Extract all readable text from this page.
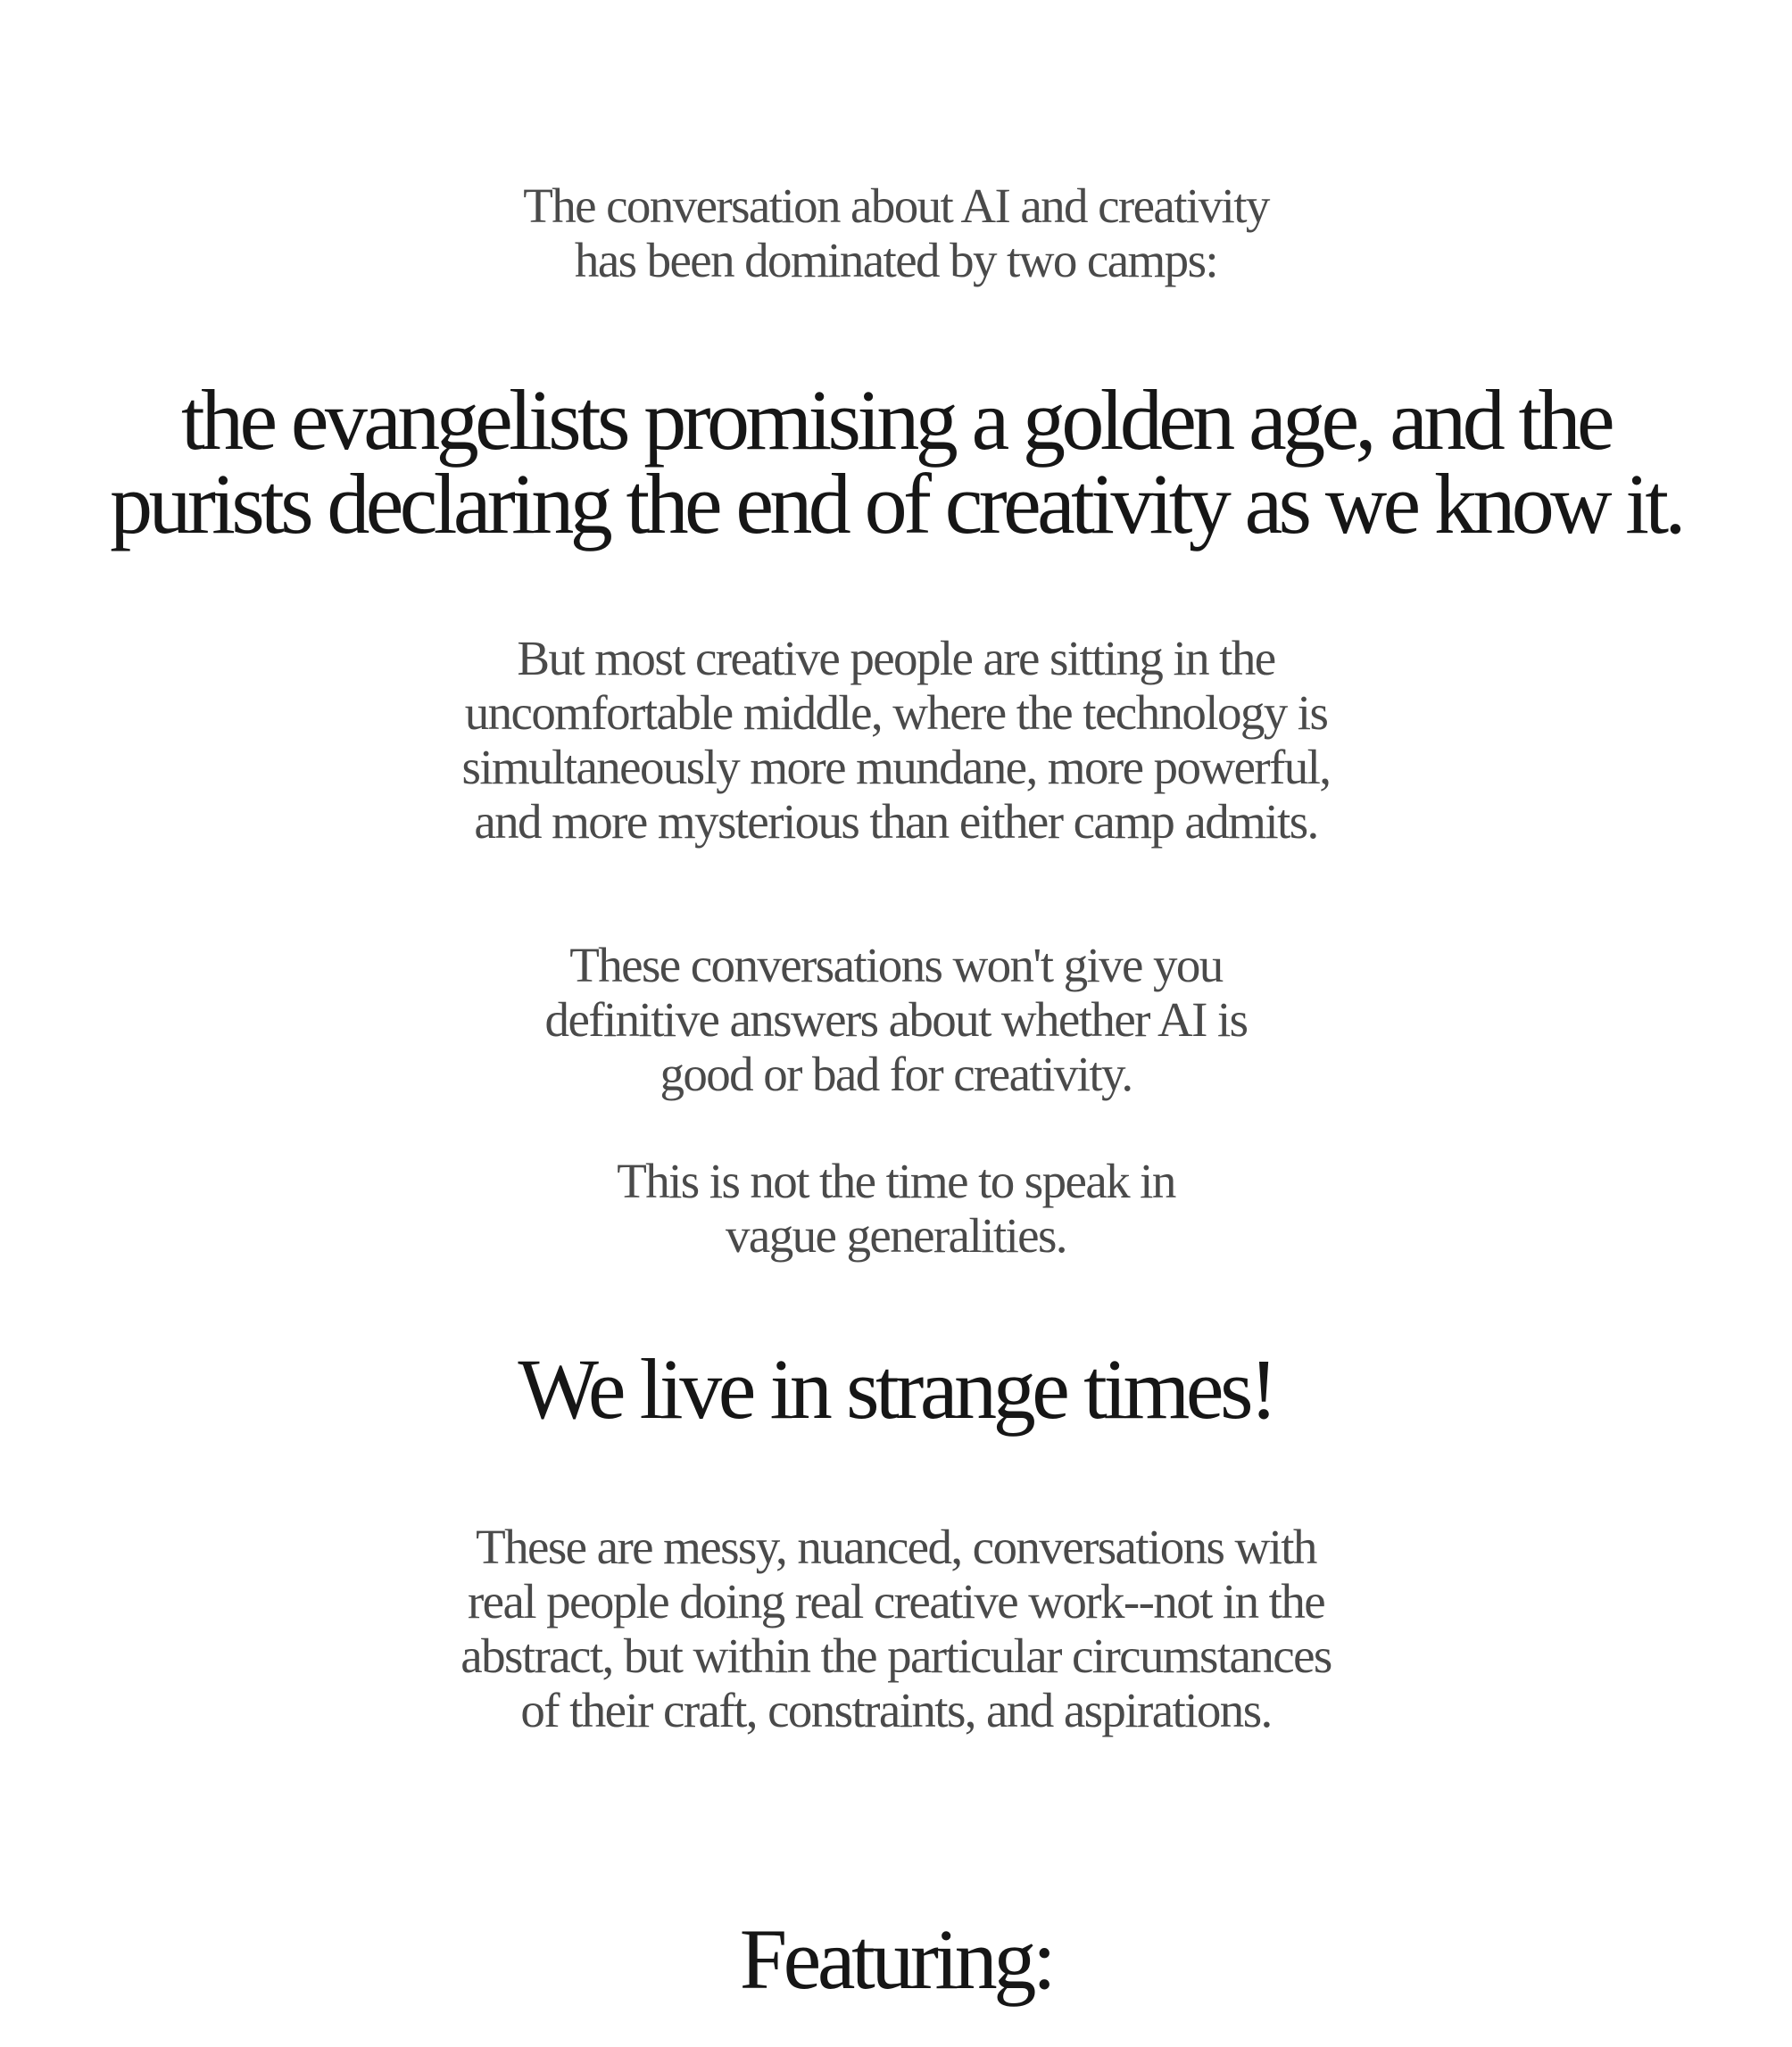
The conversation about AI and creativity
has been dominated by two camps:

the evangelists promising a golden age, and the
purists declaring the end of creativity as we know it.

But most creative people are sitting in the
uncomfortable middle, where the technology is
simultaneously more mundane, more powerful,
and more mysterious than either camp admits.

These conversations won't give you
definitive answers about whether AI is
good or bad for creativity.

This is not the time to speak in
vague generalities.

We live in strange times!

These are messy, nuanced, conversations with
real people doing real creative work--not in the
abstract, but within the particular circumstances
of their craft, constraints, and aspirations.

Featuring:
